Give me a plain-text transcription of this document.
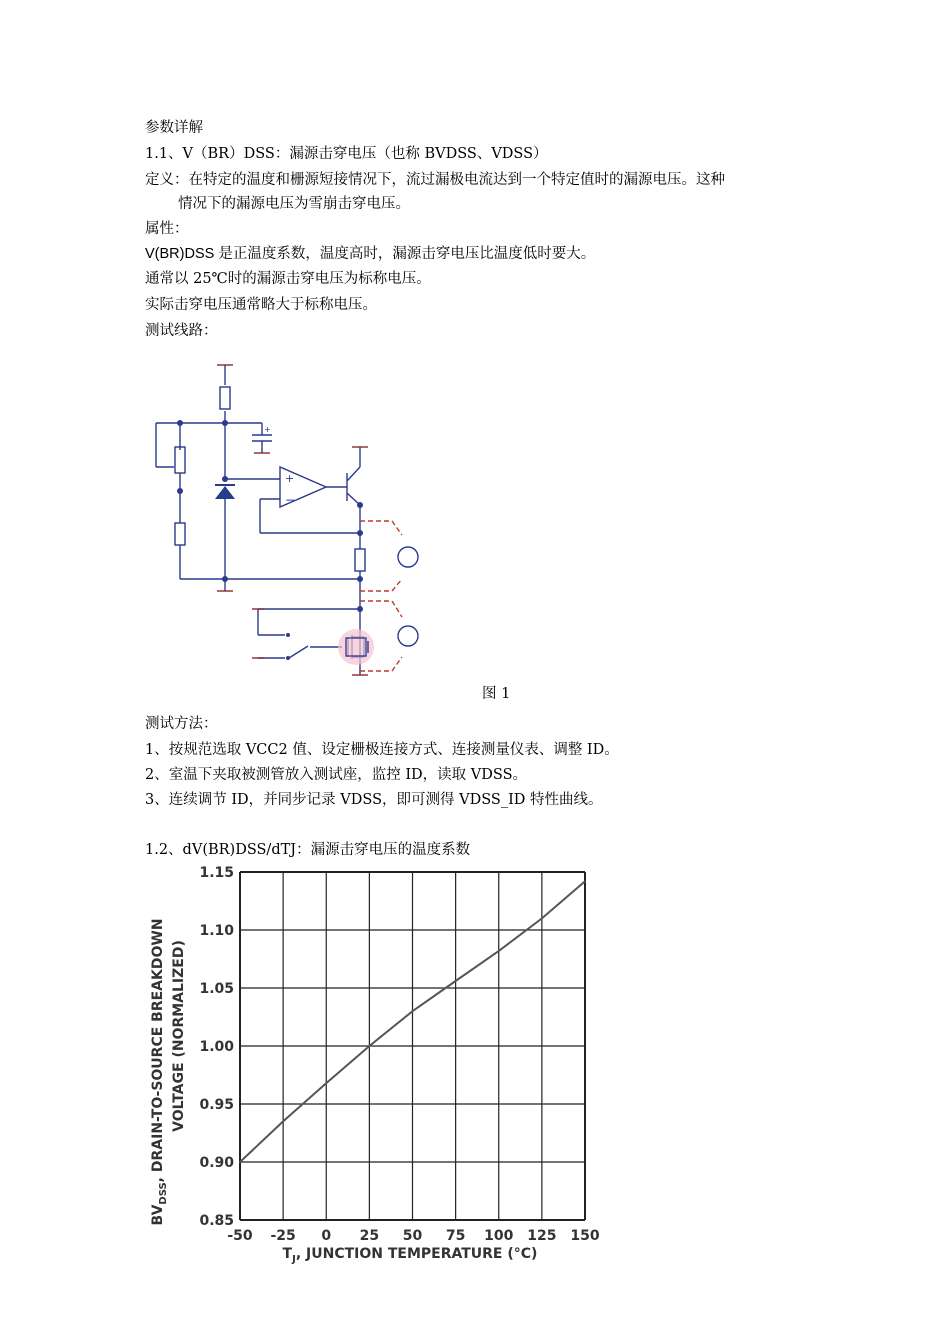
参数详解
1.1、V（BR）DSS：漏源击穿电压（也称 BVDSS、VDSS）
定义：在特定的温度和栅源短接情况下，流过漏极电流达到一个特定值时的漏源电压。这种
情况下的漏源电压为雪崩击穿电压。
属性：
V(BR)DSS 是正温度系数，温度高时，漏源击穿电压比温度低时要大。
通常以 25℃时的漏源击穿电压为标称电压。
实际击穿电压通常略大于标称电压。
测试线路：
+
−
+
图 1
测试方法：
1、按规范选取 VCC2 值、设定栅极连接方式、连接测量仪表、调整 ID。
2、室温下夹取被测管放入测试座，监控 ID，读取 VDSS。
3、连续调节 ID，并同步记录 VDSS，即可测得 VDSS_ID 特性曲线。
1.2、dV(BR)DSS/dTJ：漏源击穿电压的温度系数
0.85
0.90
0.95
1.00
1.05
1.10
1.15
-50 -25 0 25 50 75 100 125 150
$BV_{DSS}$, DRAIN-TO-SOURCE BREAKDOWN VOLTAGE (NORMALIZED)
$T_J$, JUNCTION TEMPERATURE (°C)
